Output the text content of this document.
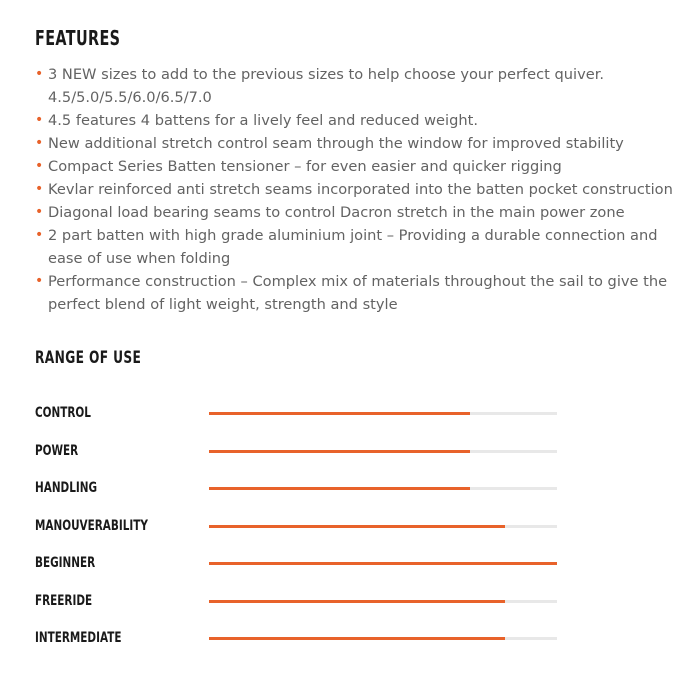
FEATURES
• 3 NEW sizes to add to the previous sizes to help choose your perfect quiver.
4.5/5.0/5.5/6.0/6.5/7.0
• 4.5 features 4 battens for a lively feel and reduced weight.
• New additional stretch control seam through the window for improved stability
• Compact Series Batten tensioner – for even easier and quicker rigging
• Kevlar reinforced anti stretch seams incorporated into the batten pocket construction
• Diagonal load bearing seams to control Dacron stretch in the main power zone
• 2 part batten with high grade aluminium joint – Providing a durable connection and
ease of use when folding
• Performance construction – Complex mix of materials throughout the sail to give the
perfect blend of light weight, strength and style
RANGE OF USE
CONTROL
POWER
HANDLING
MANOUVERABILITY
BEGINNER
FREERIDE
INTERMEDIATE
